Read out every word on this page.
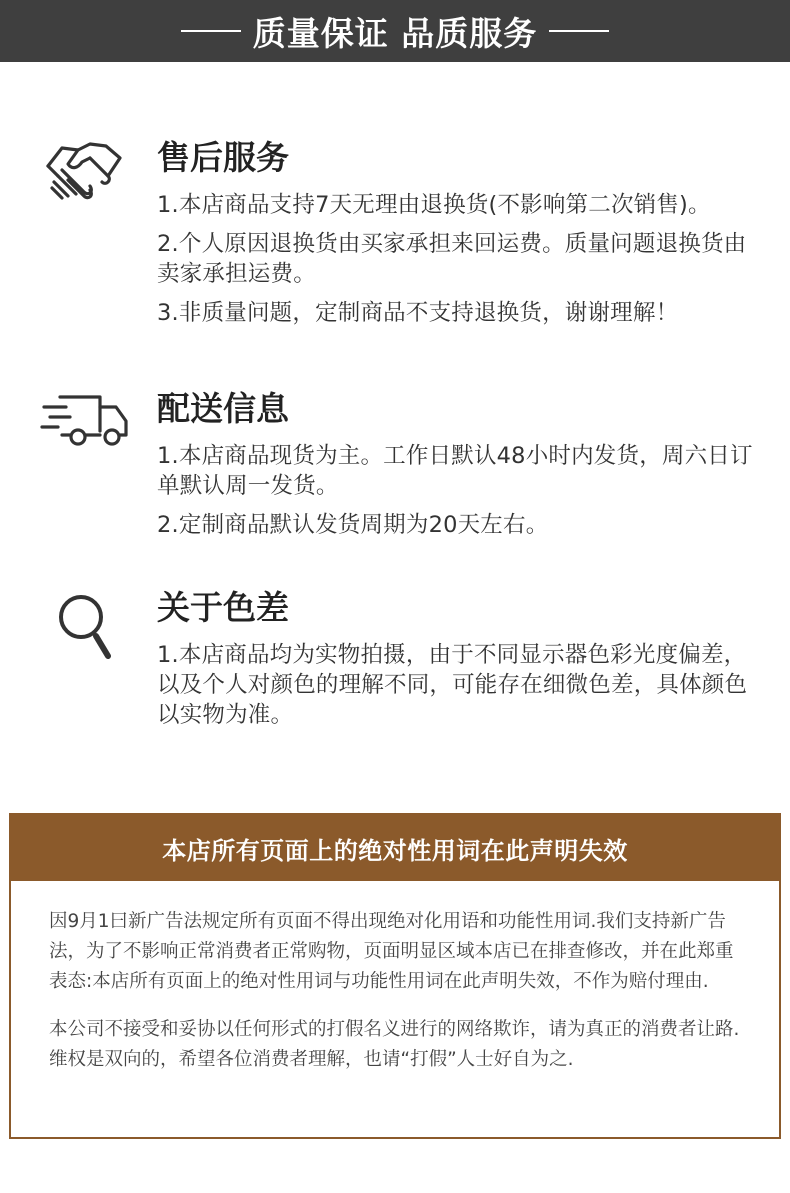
质量保证 品质服务
售后服务

1.本店商品支持7天无理由退换货(不影响第二次销售)。

2.个人原因退换货由买家承担来回运费。质量问题退换货由卖家承担运费。

3.非质量问题，定制商品不支持退换货，谢谢理解！

配送信息

1.本店商品现货为主。工作日默认48小时内发货，周六日订单默认周一发货。

2.定制商品默认发货周期为20天左右。

关于色差

1.本店商品均为实物拍摄，由于不同显示器色彩光度偏差，以及个人对颜色的理解不同，可能存在细微色差，具体颜色以实物为准。

本店所有页面上的绝对性用词在此声明失效

因9月1曰新广告法规定所有页面不得出现绝对化用语和功能性用词.我们支持新广告法，为了不影响正常消费者正常购物，页面明显区域本店已在排查修改，并在此郑重表态:本店所有页面上的绝对性用词与功能性用词在此声明失效，不作为赔付理由.

本公司不接受和妥协以任何形式的打假名义进行的网络欺诈，请为真正的消费者让路.维权是双向的，希望各位消费者理解，也请“打假”人士好自为之.
